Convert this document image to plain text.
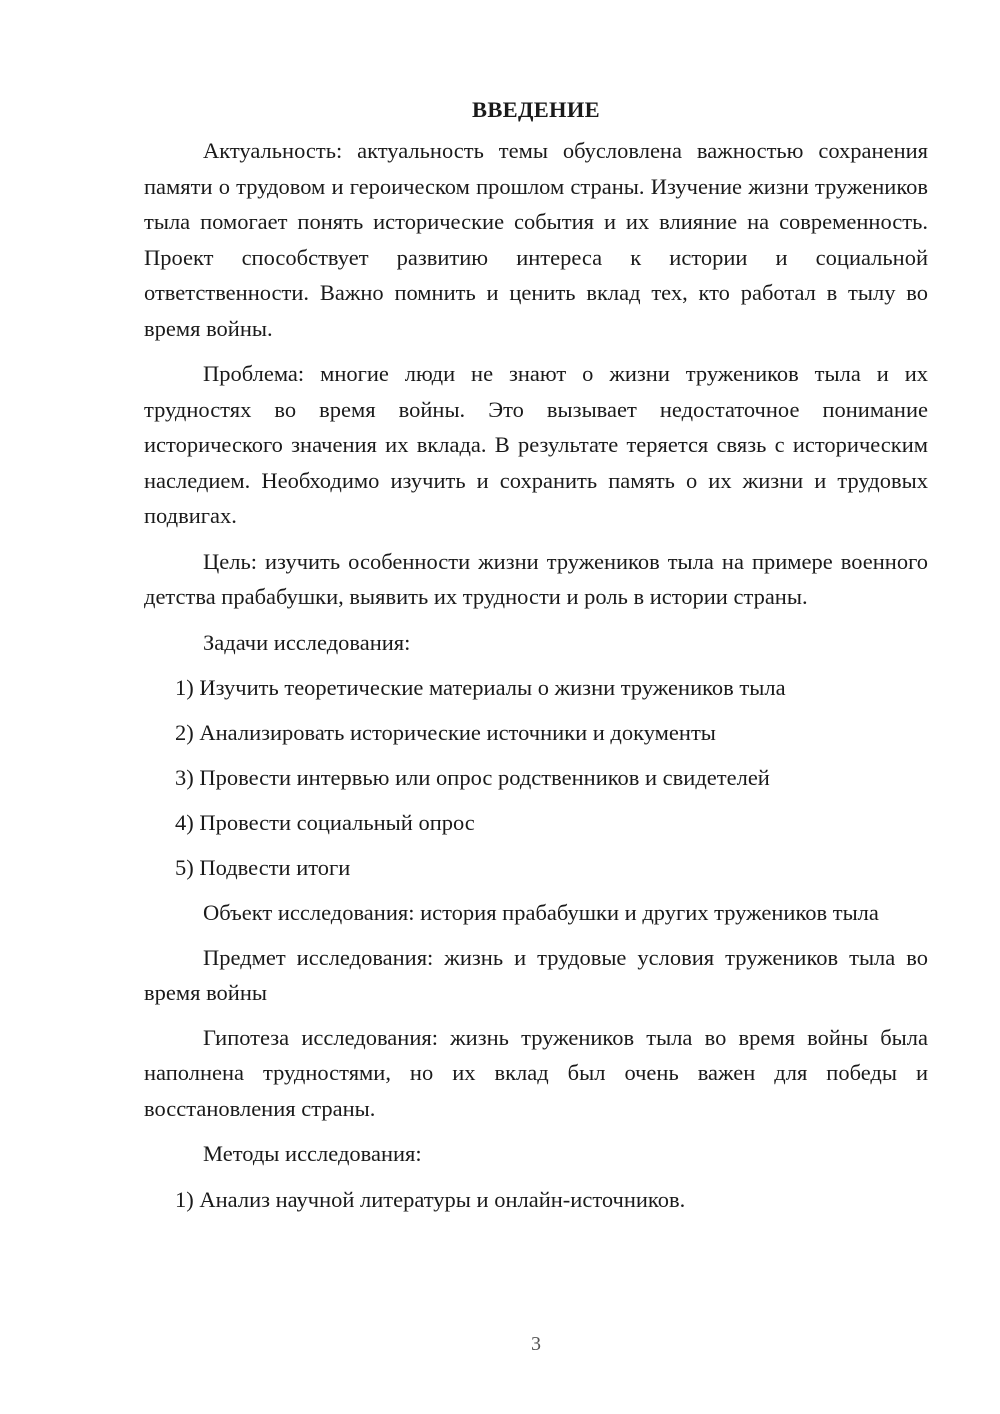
ВВЕДЕНИЕ
Актуальность: актуальность темы обусловлена важностью сохранения памяти о трудовом и героическом прошлом страны. Изучение жизни тружеников тыла помогает понять исторические события и их влияние на современность. Проект способствует развитию интереса к истории и социальной ответственности. Важно помнить и ценить вклад тех, кто работал в тылу во время войны.
Проблема: многие люди не знают о жизни тружеников тыла и их трудностях во время войны. Это вызывает недостаточное понимание исторического значения их вклада. В результате теряется связь с историческим наследием. Необходимо изучить и сохранить память о их жизни и трудовых подвигах.
Цель: изучить особенности жизни тружеников тыла на примере военного детства прабабушки, выявить их трудности и роль в истории страны.
Задачи исследования:
1) Изучить теоретические материалы о жизни тружеников тыла
2) Анализировать исторические источники и документы
3) Провести интервью или опрос родственников и свидетелей
4) Провести социальный опрос
5) Подвести итоги
Объект исследования: история прабабушки и других тружеников тыла
Предмет исследования: жизнь и трудовые условия тружеников тыла во время войны
Гипотеза исследования: жизнь тружеников тыла во время войны была наполнена трудностями, но их вклад был очень важен для победы и восстановления страны.
Методы исследования:
1) Анализ научной литературы и онлайн-источников.
3
